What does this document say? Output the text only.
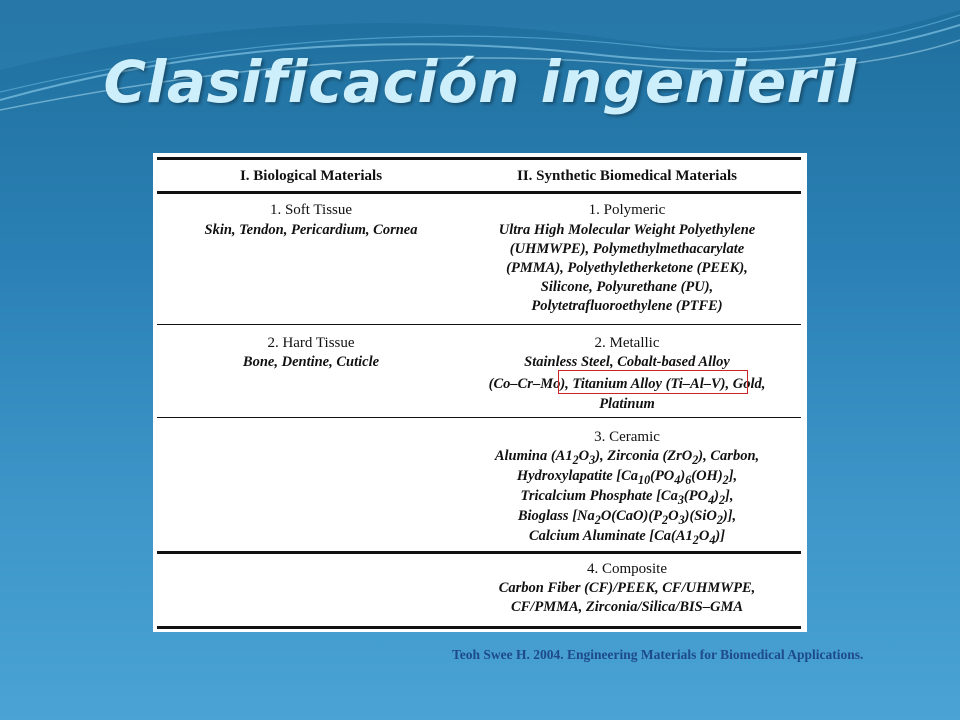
Clasificación ingenieril
I. Biological Materials	II. Synthetic Biomedical Materials
1. Soft Tissue
Skin, Tendon, Pericardium, Cornea
2. Hard Tissue
Bone, Dentine, Cuticle
1. Polymeric
Ultra High Molecular Weight Polyethylene
(UHMWPE), Polymethylmethacarylate
(PMMA), Polyethyletherketone (PEEK),
Silicone, Polyurethane (PU),
Polytetrafluoroethylene (PTFE)
2. Metallic
Stainless Steel, Cobalt-based Alloy
(Co–Cr–Mo), Titanium Alloy (Ti–Al–V), Gold,
Platinum
3. Ceramic
Alumina $(A1_2O_3)$, Zirconia (ZrO$_2$), Carbon,
Hydroxylapatite $[Ca_{10}(PO_4)_6(OH)_2]$,
Tricalcium Phosphate $[Ca_3(PO_4)_2]$,
Bioglass $[Na_2O(CaO)(P_2O_3)(SiO_2)]$,
Calcium Aluminate $[Ca(A1_2O_4)]$
4. Composite
Carbon Fiber (CF)/PEEK, CF/UHMWPE,
CF/PMMA, Zirconia/Silica/BIS–GMA
Teoh Swee H. 2004. Engineering Materials for Biomedical Applications.
